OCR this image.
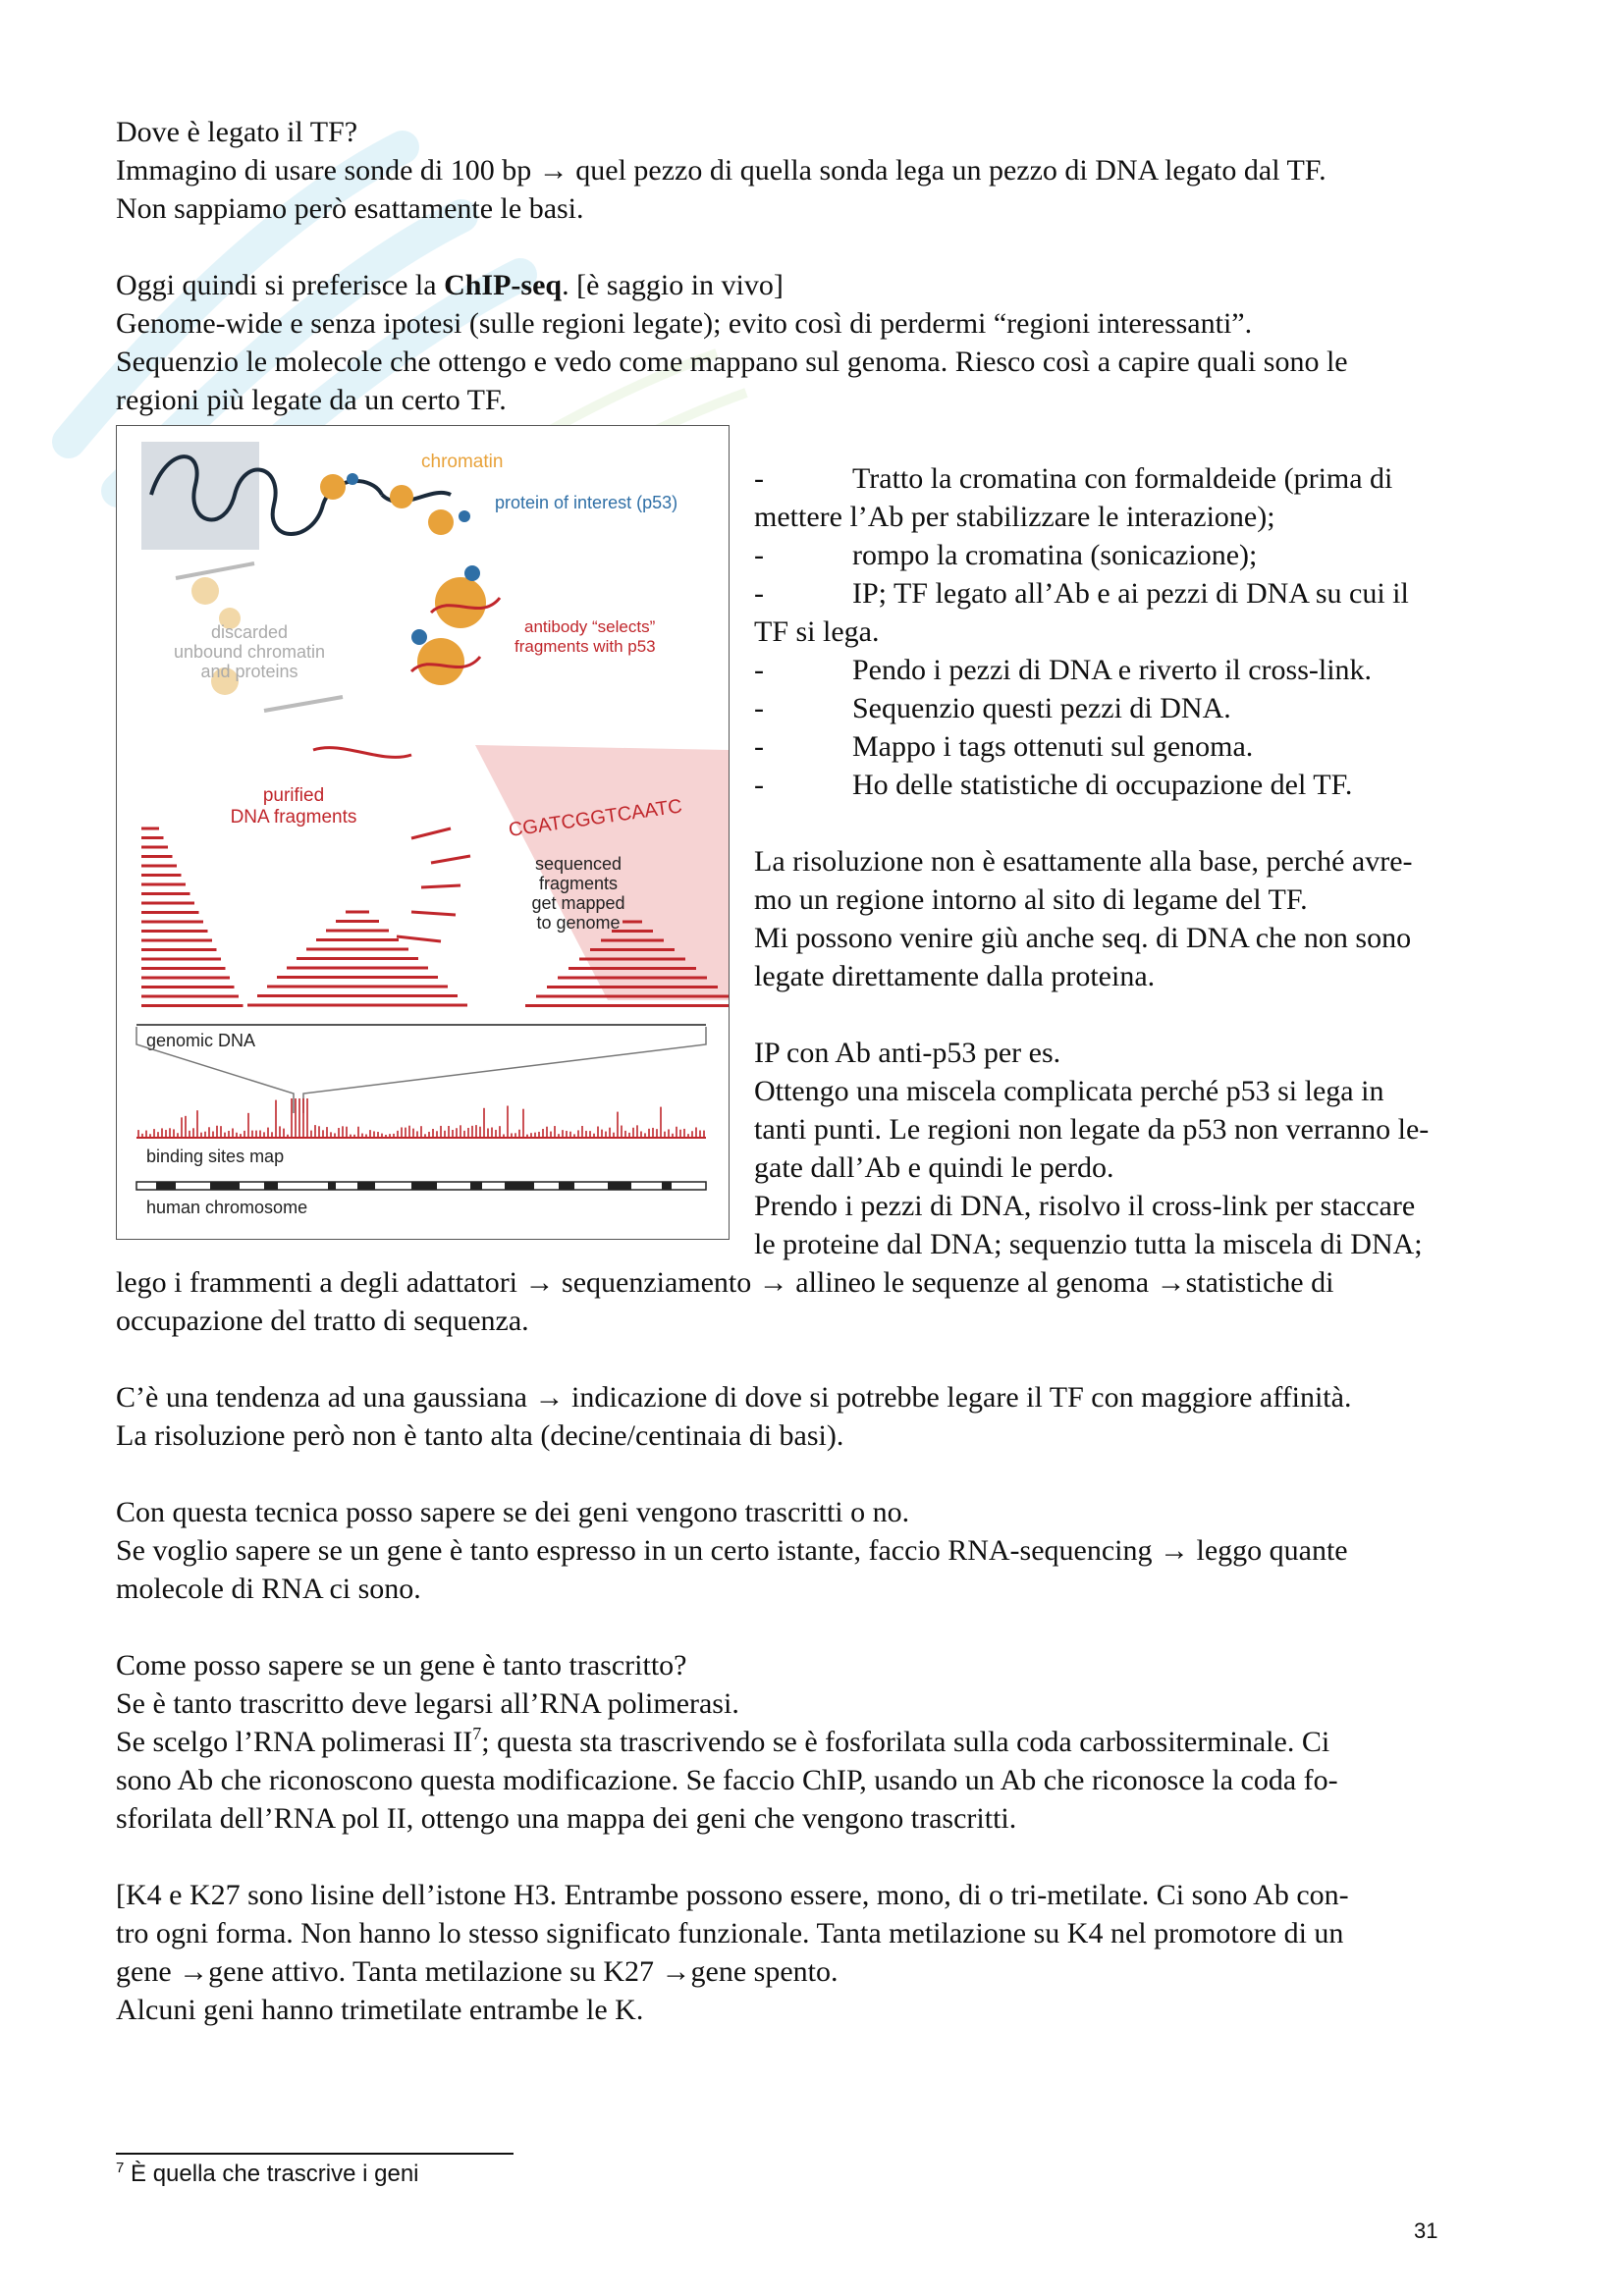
Dove è legato il TF?

Immagino di usare sonde di 100 bp → quel pezzo di quella sonda lega un pezzo di DNA legato dal TF.

Non sappiamo però esattamente le basi.

Oggi quindi si preferisce la ChIP-seq. [è saggio in vivo]

Genome-wide e senza ipotesi (sulle regioni legate); evito così di perdermi “regioni interessanti”.

Sequenzio le molecole che ottengo e vedo come mappano sul genoma. Riesco così a capire quali sono le

regioni più legate da un certo TF.

chromatin
protein of interest (p53)
discarded
unbound chromatin
and proteins
antibody “selects”
fragments with p53
purified
DNA fragments	CGATCGGTCAATC
sequenced
fragments
get mapped
to genome
genomic DNA
binding sites map
human chromosome

-	Tratto la cromatina con formaldeide (prima di

mettere l’Ab per stabilizzare le interazione);

-	rompo la cromatina (sonicazione);

-	IP; TF legato all’Ab e ai pezzi di DNA su cui il

TF si lega.

-	Pendo i pezzi di DNA e riverto il cross-link.

-	Sequenzio questi pezzi di DNA.

-	Mappo i tags ottenuti sul genoma.

-	Ho delle statistiche di occupazione del TF.

La risoluzione non è esattamente alla base, perché avre-

mo un regione intorno al sito di legame del TF.

Mi possono venire giù anche seq. di DNA che non sono

legate direttamente dalla proteina.

IP con Ab anti-p53 per es.

Ottengo una miscela complicata perché p53 si lega in

tanti punti. Le regioni non legate da p53 non verranno le-

gate dall’Ab e quindi le perdo.

Prendo i pezzi di DNA, risolvo il cross-link per staccare

le proteine dal DNA; sequenzio tutta la miscela di DNA;

lego i frammenti a degli adattatori → sequenziamento → allineo le sequenze al genoma →statistiche di

occupazione del tratto di sequenza.

C’è una tendenza ad una gaussiana → indicazione di dove si potrebbe legare il TF con maggiore affinità.

La risoluzione però non è tanto alta (decine/centinaia di basi).

Con questa tecnica posso sapere se dei geni vengono trascritti o no.

Se voglio sapere se un gene è tanto espresso in un certo istante, faccio RNA-sequencing → leggo quante

molecole di RNA ci sono.

Come posso sapere se un gene è tanto trascritto?

Se è tanto trascritto deve legarsi all’RNA polimerasi.

Se scelgo l’RNA polimerasi $II^7$; questa sta trascrivendo se è fosforilata sulla coda carbossiterminale. Ci

sono Ab che riconoscono questa modificazione. Se faccio ChIP, usando un Ab che riconosce la coda fo-

sforilata dell’RNA pol II, ottengo una mappa dei geni che vengono trascritti.

[K4 e K27 sono lisine dell’istone H3. Entrambe possono essere, mono, di o tri-metilate. Ci sono Ab con-

tro ogni forma. Non hanno lo stesso significato funzionale. Tanta metilazione su K4 nel promotore di un

gene →gene attivo. Tanta metilazione su K27 →gene spento.

Alcuni geni hanno trimetilate entrambe le K.

$^7$ È quella che trascrive i geni
31
